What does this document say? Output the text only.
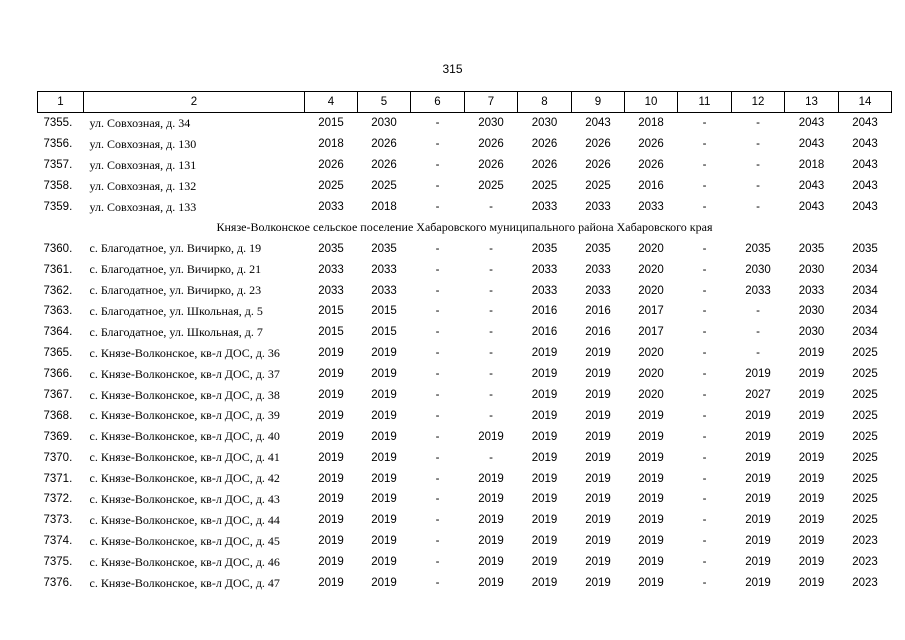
315
1	2	4	5	6	7	8	9	10	11	12	13	14
7355.	ул. Совхозная, д. 34	2015	2030	-	2030	2030	2043	2018	-	-	2043	2043
7356.	ул. Совхозная, д. 130	2018	2026	-	2026	2026	2026	2026	-	-	2043	2043
7357.	ул. Совхозная, д. 131	2026	2026	-	2026	2026	2026	2026	-	-	2018	2043
7358.	ул. Совхозная, д. 132	2025	2025	-	2025	2025	2025	2016	-	-	2043	2043
7359.	ул. Совхозная, д. 133	2033	2018	-	-	2033	2033	2033	-	-	2043	2043
Князе-Волконское сельское поселение Хабаровского муниципального района Хабаровского края												
7360.	с. Благодатное, ул. Вичирко, д. 19	2035	2035	-	-	2035	2035	2020	-	2035	2035	2035
7361.	с. Благодатное, ул. Вичирко, д. 21	2033	2033	-	-	2033	2033	2020	-	2030	2030	2034
7362.	с. Благодатное, ул. Вичирко, д. 23	2033	2033	-	-	2033	2033	2020	-	2033	2033	2034
7363.	с. Благодатное, ул. Школьная, д. 5	2015	2015	-	-	2016	2016	2017	-	-	2030	2034
7364.	с. Благодатное, ул. Школьная, д. 7	2015	2015	-	-	2016	2016	2017	-	-	2030	2034
7365.	с. Князе-Волконское, кв-л ДОС, д. 36	2019	2019	-	-	2019	2019	2020	-	-	2019	2025
7366.	с. Князе-Волконское, кв-л ДОС, д. 37	2019	2019	-	-	2019	2019	2020	-	2019	2019	2025
7367.	с. Князе-Волконское, кв-л ДОС, д. 38	2019	2019	-	-	2019	2019	2020	-	2027	2019	2025
7368.	с. Князе-Волконское, кв-л ДОС, д. 39	2019	2019	-	-	2019	2019	2019	-	2019	2019	2025
7369.	с. Князе-Волконское, кв-л ДОС, д. 40	2019	2019	-	2019	2019	2019	2019	-	2019	2019	2025
7370.	с. Князе-Волконское, кв-л ДОС, д. 41	2019	2019	-	-	2019	2019	2019	-	2019	2019	2025
7371.	с. Князе-Волконское, кв-л ДОС, д. 42	2019	2019	-	2019	2019	2019	2019	-	2019	2019	2025
7372.	с. Князе-Волконское, кв-л ДОС, д. 43	2019	2019	-	2019	2019	2019	2019	-	2019	2019	2025
7373.	с. Князе-Волконское, кв-л ДОС, д. 44	2019	2019	-	2019	2019	2019	2019	-	2019	2019	2025
7374.	с. Князе-Волконское, кв-л ДОС, д. 45	2019	2019	-	2019	2019	2019	2019	-	2019	2019	2023
7375.	с. Князе-Волконское, кв-л ДОС, д. 46	2019	2019	-	2019	2019	2019	2019	-	2019	2019	2023
7376.	с. Князе-Волконское, кв-л ДОС, д. 47	2019	2019	-	2019	2019	2019	2019	-	2019	2019	2023
